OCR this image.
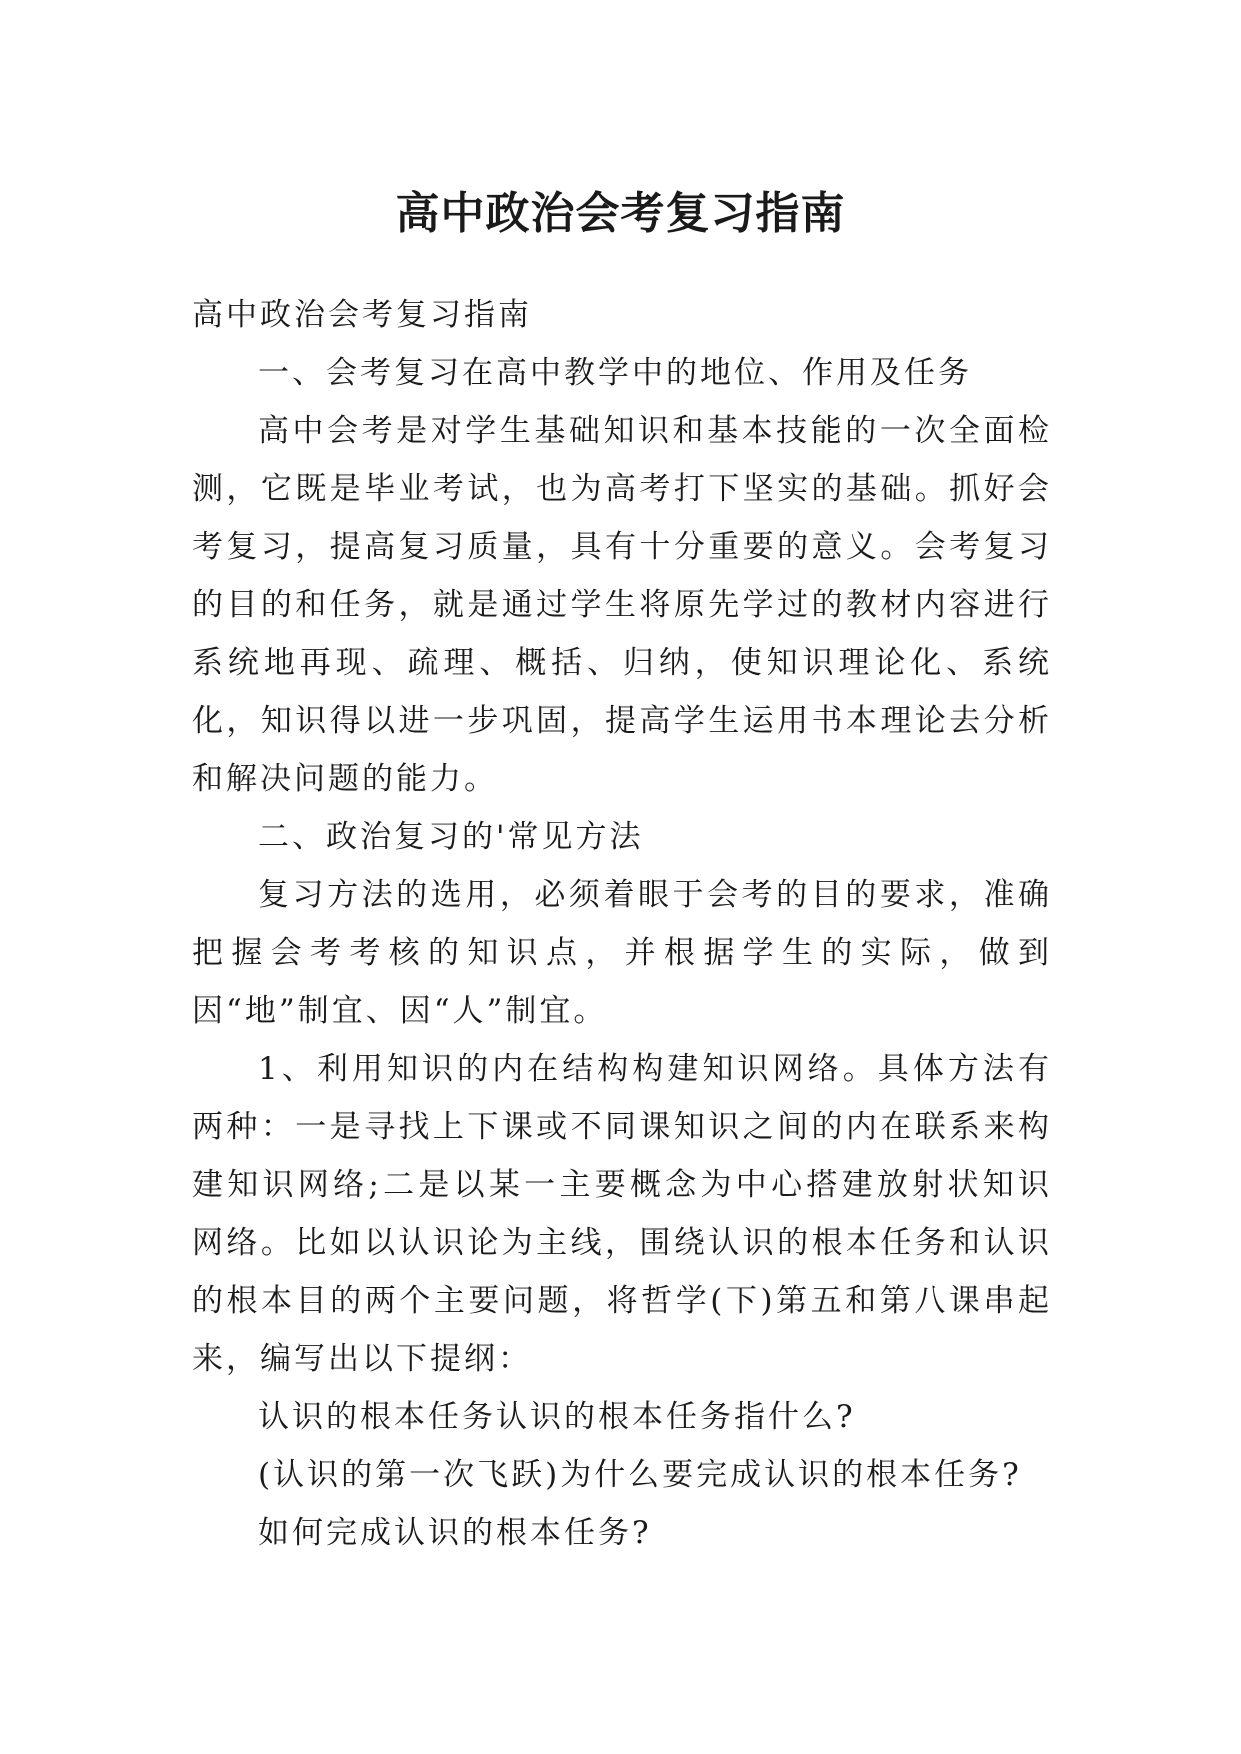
高中政治会考复习指南

高中政治会考复习指南

一、会考复习在高中教学中的地位、作用及任务

高中会考是对学生基础知识和基本技能的一次全面检测，它既是毕业考试，也为高考打下坚实的基础。抓好会考复习，提高复习质量，具有十分重要的意义。会考复习的目的和任务，就是通过学生将原先学过的教材内容进行系统地再现、疏理、概括、归纳，使知识理论化、系统化，知识得以进一步巩固，提高学生运用书本理论去分析和解决问题的能力。

二、政治复习的'常见方法

复习方法的选用，必须着眼于会考的目的要求，准确把握会考考核的知识点，并根据学生的实际，做到因“地”制宜、因“人”制宜。

1、利用知识的内在结构构建知识网络。具体方法有两种：一是寻找上下课或不同课知识之间的内在联系来构建知识网络;二是以某一主要概念为中心搭建放射状知识网络。比如以认识论为主线，围绕认识的根本任务和认识的根本目的两个主要问题，将哲学(下)第五和第八课串起来，编写出以下提纲：

认识的根本任务认识的根本任务指什么?

(认识的第一次飞跃)为什么要完成认识的根本任务?

如何完成认识的根本任务?
